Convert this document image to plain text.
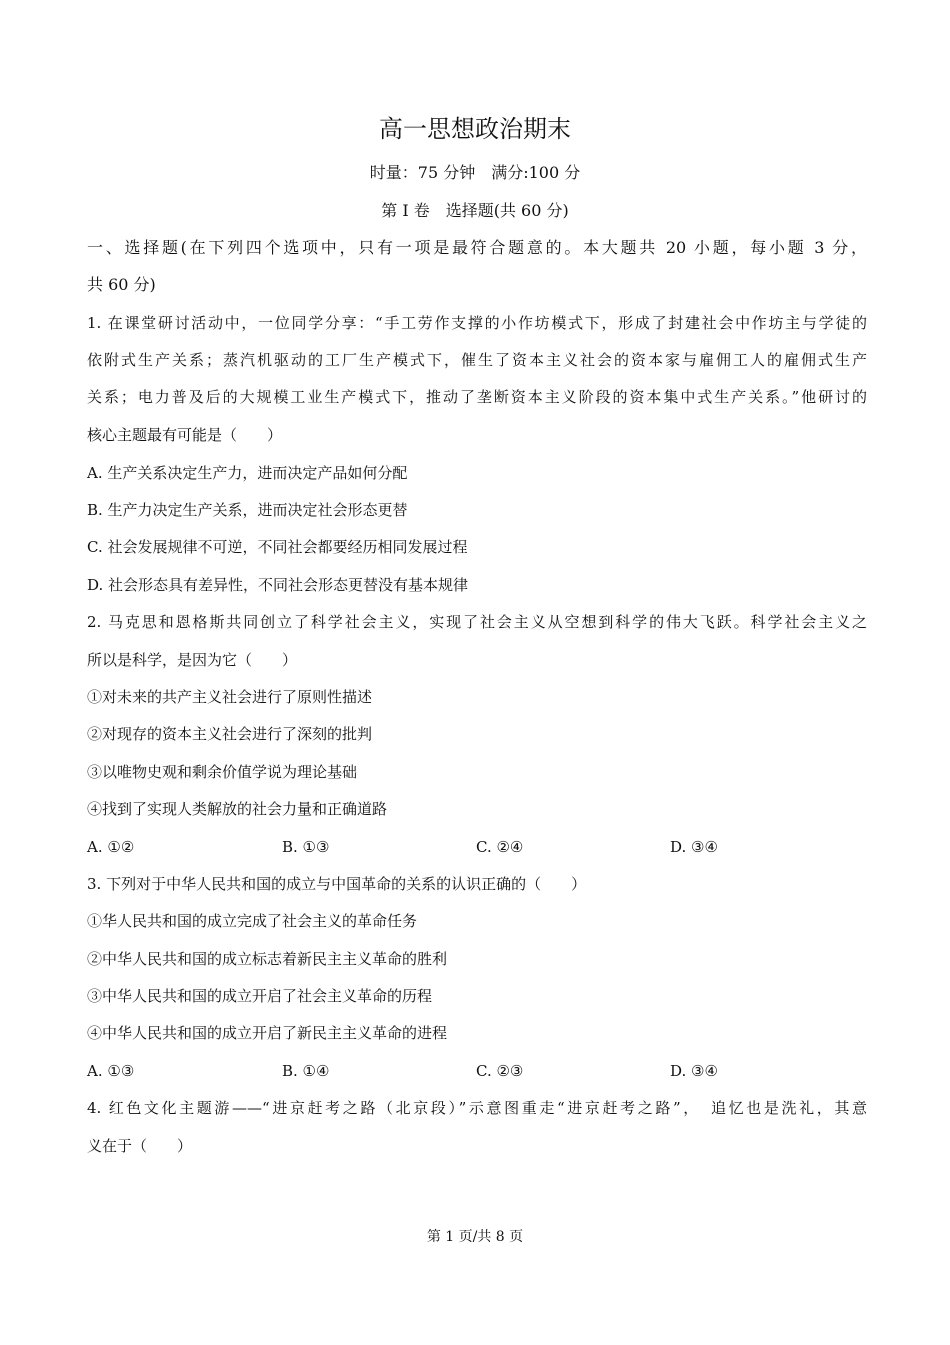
高一思想政治期末
时量：75 分钟　满分:100 分
第 I 卷　选择题(共 60 分)
一、选择题(在下列四个选项中，只有一项是最符合题意的。本大题共 20 小题，每小题 3 分，
共 60 分)
1. 在课堂研讨活动中，一位同学分享：“手工劳作支撑的小作坊模式下，形成了封建社会中作坊主与学徒的
依附式生产关系；蒸汽机驱动的工厂生产模式下，催生了资本主义社会的资本家与雇佣工人的雇佣式生产
关系；电力普及后的大规模工业生产模式下，推动了垄断资本主义阶段的资本集中式生产关系。”他研讨的
核心主题最有可能是（　　）
A. 生产关系决定生产力，进而决定产品如何分配
B. 生产力决定生产关系，进而决定社会形态更替
C. 社会发展规律不可逆，不同社会都要经历相同发展过程
D. 社会形态具有差异性，不同社会形态更替没有基本规律
2. 马克思和恩格斯共同创立了科学社会主义，实现了社会主义从空想到科学的伟大飞跃。科学社会主义之
所以是科学，是因为它（　　）
①对未来的共产主义社会进行了原则性描述
②对现存的资本主义社会进行了深刻的批判
③以唯物史观和剩余价值学说为理论基础
④找到了实现人类解放的社会力量和正确道路
A. ①②	B. ①③	C. ②④	D. ③④
3. 下列对于中华人民共和国的成立与中国革命的关系的认识正确的（　　）
①华人民共和国的成立完成了社会主义的革命任务
②中华人民共和国的成立标志着新民主主义革命的胜利
③中华人民共和国的成立开启了社会主义革命的历程
④中华人民共和国的成立开启了新民主主义革命的进程
A. ①③	B. ①④	C. ②③	D. ③④
4. 红色文化主题游——“进京赶考之路（北京段）”示意图重走“进京赶考之路”，　追忆也是洗礼，其意
义在于（　　）
第 1 页/共 8 页
